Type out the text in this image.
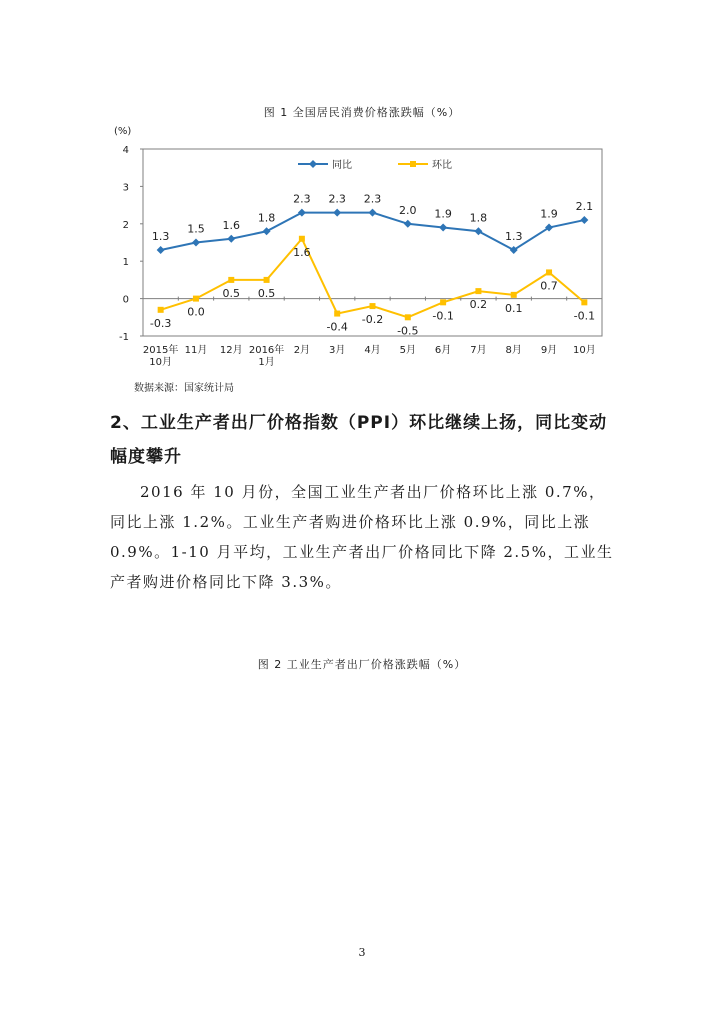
图 1 全国居民消费价格涨跌幅（%）
4
3
2
1
0
-1
(%)
2015年
10月
11月 12月 2016年
1月
2月 3月 4月 5月 6月 7月 8月 9月 10月
1.3
1.5 1.6
1.8
2.3 2.3 2.3
2.0 1.9 1.8
1.3
1.9
2.1
-0.3
0.0
0.5 0.5
1.6
-0.4
-0.2
-0.5
-0.1
0.2 0.1
0.7
-0.1
同比	环比
数据来源：国家统计局
2、工业生产者出厂价格指数（PPI）环比继续上扬，同比变动
幅度攀升
2016 年 10 月份，全国工业生产者出厂价格环比上涨 0.7%，同比上涨 1.2%。工业生产者购进价格环比上涨 0.9%，同比上涨 0.9%。1-10 月平均，工业生产者出厂价格同比下降 2.5%，工业生产者购进价格同比下降 3.3%。
图 2 工业生产者出厂价格涨跌幅（%）
3
